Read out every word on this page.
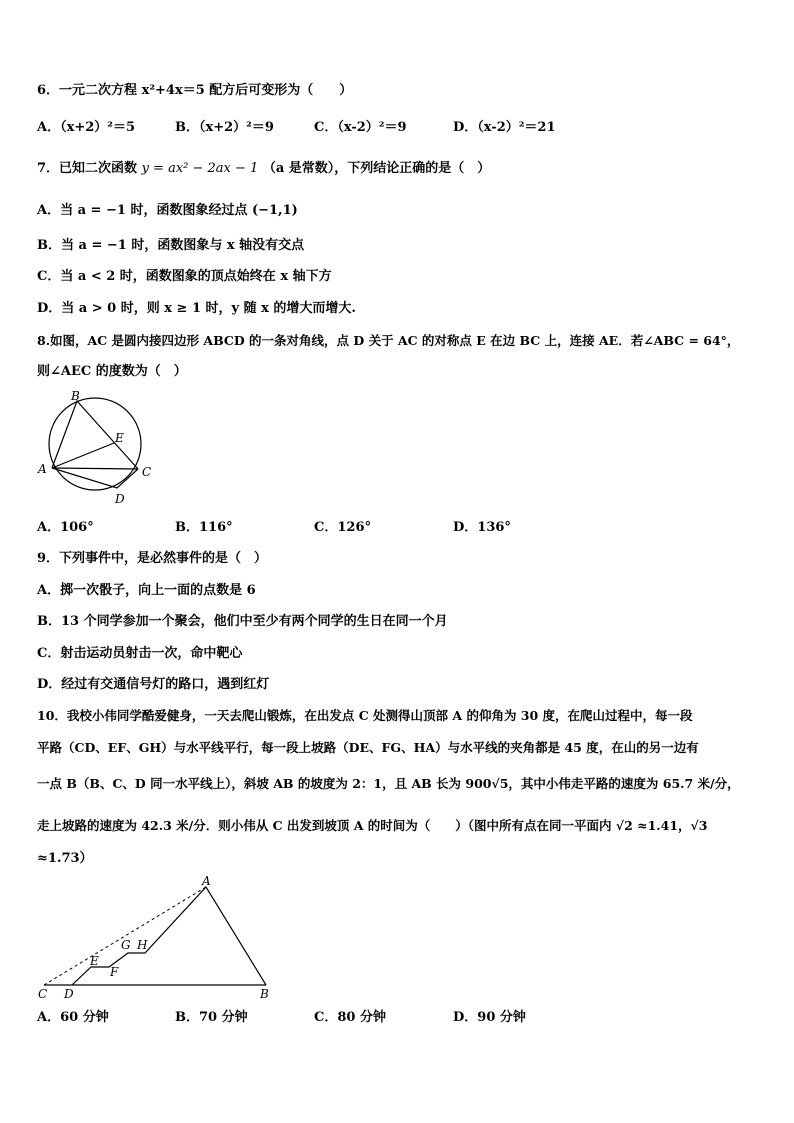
6．一元二次方程 x²+4x＝5 配方后可变形为（　　）
A．（x+2）²＝5	B．（x+2）²＝9	C．（x-2）²＝9	D．（x-2）²＝21
7．已知二次函数 y = ax² − 2ax − 1 （a 是常数），下列结论正确的是（　）
A．当 a = −1 时，函数图象经过点 (−1,1)
B．当 a = −1 时，函数图象与 x 轴没有交点
C．当 a < 2 时，函数图象的顶点始终在 x 轴下方
D．当 a > 0 时，则 x ≥ 1 时，y 随 x 的增大而增大.
8.如图，AC 是圆内接四边形 ABCD 的一条对角线，点 D 关于 AC 的对称点 E 在边 BC 上，连接 AE．若∠ABC = 64°，
则∠AEC 的度数为（　）
B
E
A	C
D
A．106°	B．116°	C．126°	D．136°
9．下列事件中，是必然事件的是（　）
A．掷一次骰子，向上一面的点数是 6
B．13 个同学参加一个聚会，他们中至少有两个同学的生日在同一个月
C．射击运动员射击一次，命中靶心
D．经过有交通信号灯的路口，遇到红灯
10．我校小伟同学酷爱健身，一天去爬山锻炼，在出发点 C 处测得山顶部 A 的仰角为 30 度，在爬山过程中，每一段
平路（CD、EF、GH）与水平线平行，每一段上坡路（DE、FG、HA）与水平线的夹角都是 45 度，在山的另一边有
一点 B（B、C、D 同一水平线上），斜坡 AB 的坡度为 2：1，且 AB 长为 900√5，其中小伟走平路的速度为 65.7 米/分，
走上坡路的速度为 42.3 米/分．则小伟从 C 出发到坡顶 A 的时间为（　　）（图中所有点在同一平面内 √2 ≈1.41，√3
≈1.73）
A
C D	B
E
F
G H
A．60 分钟	B．70 分钟	C．80 分钟	D．90 分钟
